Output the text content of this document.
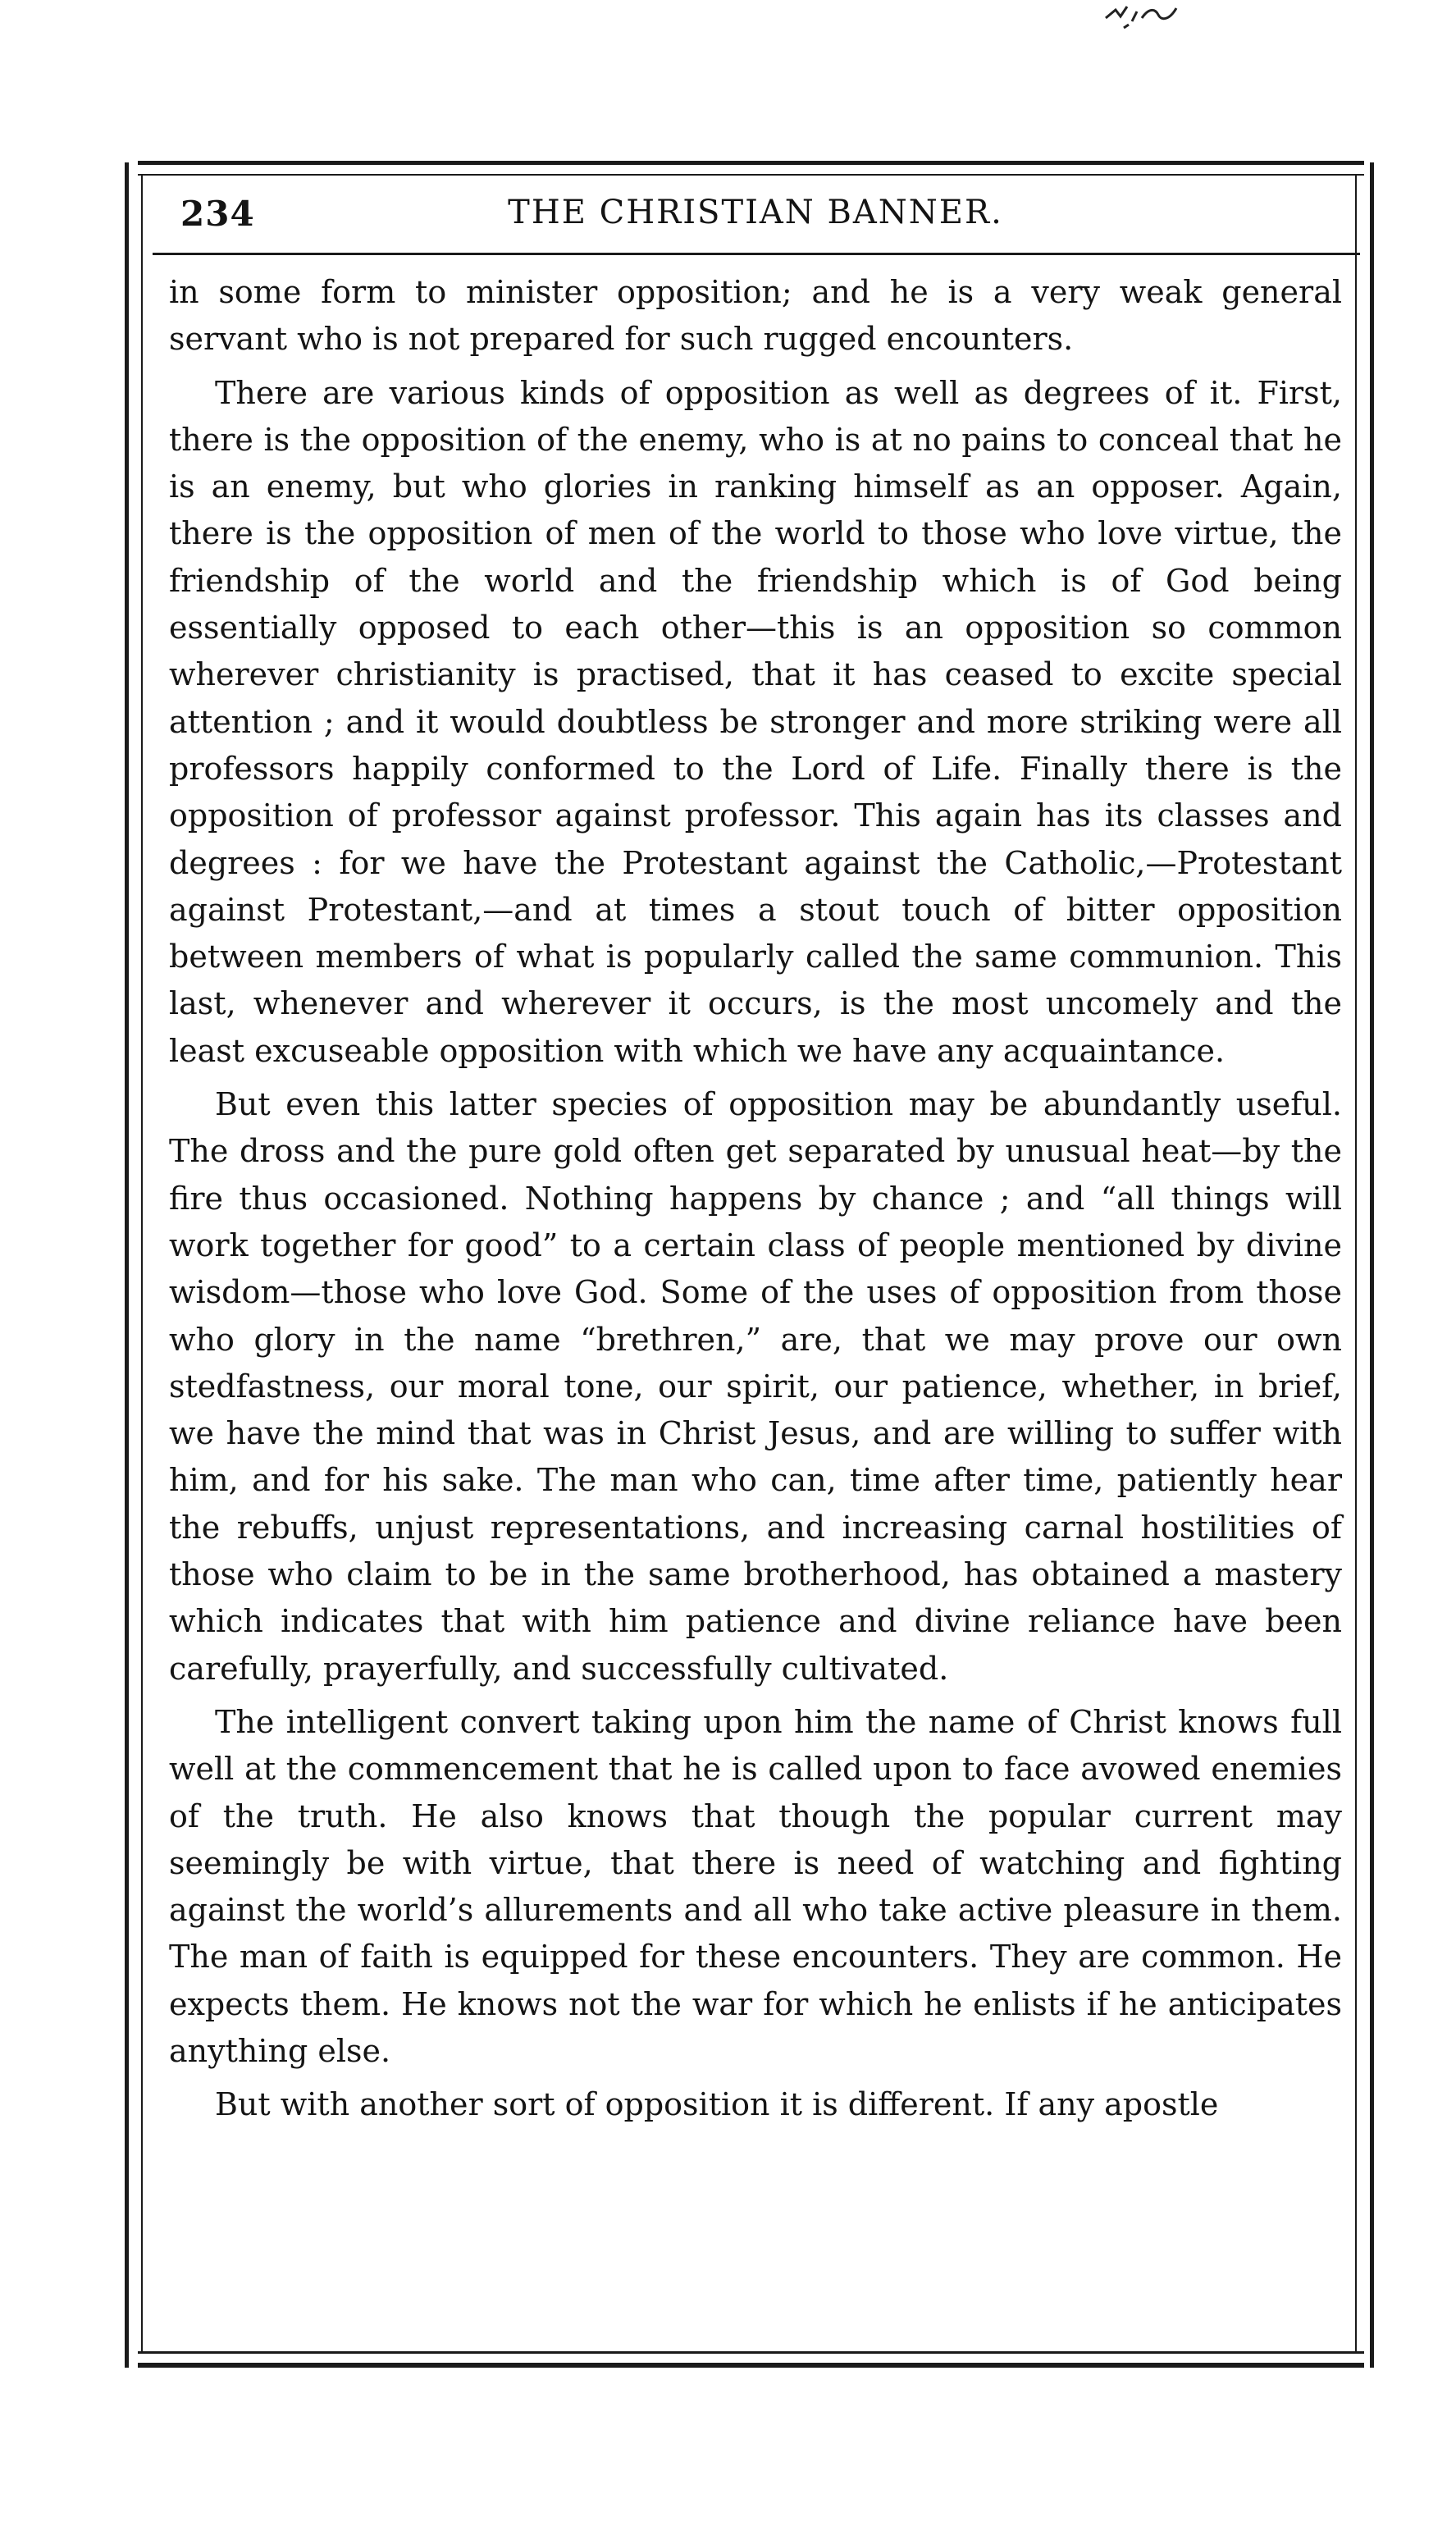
THE CHRISTIAN BANNER.
234

in some form to minister opposition; and he is a very weak general servant who is not prepared for such rugged encounters.

There are various kinds of opposition as well as degrees of it. First, there is the opposition of the enemy, who is at no pains to conceal that he is an enemy, but who glories in ranking himself as an opposer. Again, there is the opposition of men of the world to those who love virtue, the friendship of the world and the friendship which is of God being essentially opposed to each other—this is an opposition so common wherever christianity is practised, that it has ceased to excite special attention ; and it would doubtless be stronger and more striking were all professors happily conformed to the Lord of Life. Finally there is the opposition of professor against professor. This again has its classes and degrees : for we have the Protestant against the Catholic,—Protestant against Protestant,—and at times a stout touch of bitter opposition between members of what is popularly called the same communion. This last, whenever and wherever it occurs, is the most uncomely and the least excuseable opposition with which we have any acquaintance.

But even this latter species of opposition may be abundantly useful. The dross and the pure gold often get separated by unusual heat—by the fire thus occasioned. Nothing happens by chance ; and “all things will work together for good” to a certain class of people mentioned by divine wisdom—those who love God. Some of the uses of opposition from those who glory in the name “brethren,” are, that we may prove our own stedfastness, our moral tone, our spirit, our patience, whether, in brief, we have the mind that was in Christ Jesus, and are willing to suffer with him, and for his sake. The man who can, time after time, patiently hear the rebuffs, unjust representations, and increasing carnal hostilities of those who claim to be in the same brotherhood, has obtained a mastery which indicates that with him patience and divine reliance have been carefully, prayerfully, and successfully cultivated.

The intelligent convert taking upon him the name of Christ knows full well at the commencement that he is called upon to face avowed enemies of the truth. He also knows that though the popular current may seemingly be with virtue, that there is need of watching and fighting against the world’s allurements and all who take active pleasure in them. The man of faith is equipped for these encounters. They are common. He expects them. He knows not the war for which he enlists if he anticipates anything else.

But with another sort of opposition it is different. If any apostle
